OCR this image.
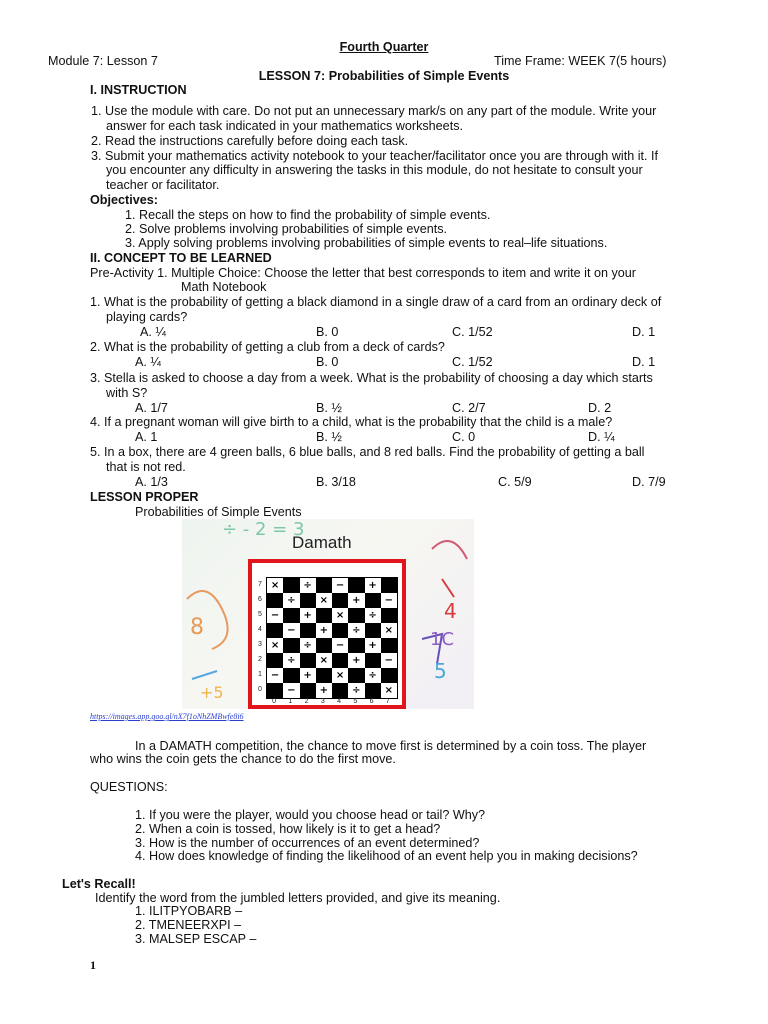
Fourth Quarter
Module 7: Lesson 7	Time Frame: WEEK 7(5 hours)
LESSON 7: Probabilities of Simple Events
I. INSTRUCTION
1. Use the module with care. Do not put an unnecessary mark/s on any part of the module. Write your
answer for each task indicated in your mathematics worksheets.
2. Read the instructions carefully before doing each task.
3. Submit your mathematics activity notebook to your teacher/facilitator once you are through with it. If
you encounter any difficulty in answering the tasks in this module, do not hesitate to consult your
teacher or facilitator.
Objectives:
1. Recall the steps on how to find the probability of simple events.
2. Solve problems involving probabilities of simple events.
3. Apply solving problems involving probabilities of simple events to real–life situations.
II. CONCEPT TO BE LEARNED
Pre-Activity 1. Multiple Choice: Choose the letter that best corresponds to item and write it on your
Math Notebook
1. What is the probability of getting a black diamond in a single draw of a card from an ordinary deck of
playing cards?
A. ¼	B. 0	C. 1/52	D. 1
2. What is the probability of getting a club from a deck of cards?
A. ¼	B. 0	C. 1/52	D. 1
3. Stella is asked to choose a day from a week. What is the probability of choosing a day which starts
with S?
A. 1/7	B. ½	C. 2/7	D. 2
4. If a pregnant woman will give birth to a child, what is the probability that the child is a male?
A. 1	B. ½	C. 0	D. ¼
5. In a box, there are 4 green balls, 6 blue balls, and 8 red balls. Find the probability of getting a ball
that is not red.
A. 1/3	B. 3/18	C. 5/9	D. 7/9
LESSON PROPER
Probabilities of Simple Events
÷ - 2 = 3
8	1C
5
4
+5
Damath
×	÷	−	+
÷	×	+	−
−	+	×	÷
−	+	÷	×
×	÷	−	+
÷	×	+	−
−	+	×	÷
−	+	÷	×
7
6
5
4
3
2
1
0
0 1 2 3 4 5 6 7
https://images.app.goo.gl/nX7f1oNhZMBwfe8i6
In a DAMATH competition, the chance to move first is determined by a coin toss. The player
who wins the coin gets the chance to do the first move.
QUESTIONS:
1. If you were the player, would you choose head or tail? Why?
2. When a coin is tossed, how likely is it to get a head?
3. How is the number of occurrences of an event determined?
4. How does knowledge of finding the likelihood of an event help you in making decisions?
Let's Recall!
Identify the word from the jumbled letters provided, and give its meaning.
1. ILITPYOBARB –
2. TMENEERXPI –
3. MALSEP ESCAP –
1
